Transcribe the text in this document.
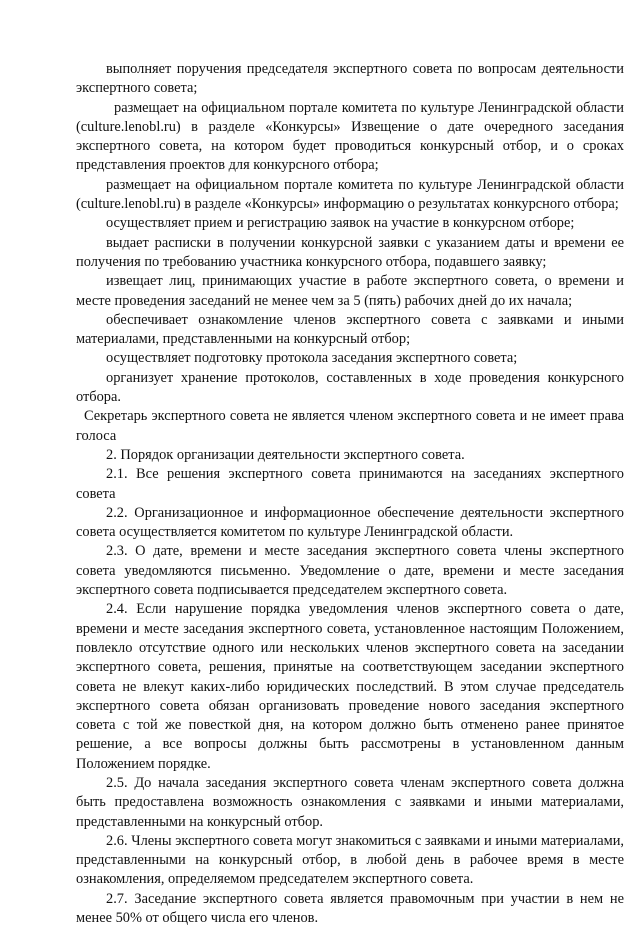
выполняет поручения председателя экспертного совета по вопросам деятельности экспертного совета;

размещает на официальном портале комитета по культуре Ленинградской области (culture.lenobl.ru) в разделе «Конкурсы» Извещение о дате очередного заседания экспертного совета, на котором будет проводиться конкурсный отбор, и о сроках представления проектов для конкурсного отбора;

размещает на официальном портале комитета по культуре Ленинградской области (culture.lenobl.ru) в разделе «Конкурсы» информацию о результатах конкурсного отбора;

осуществляет прием и регистрацию заявок на участие в конкурсном отборе;

выдает расписки в получении конкурсной заявки с указанием даты и времени ее получения по требованию участника конкурсного отбора, подавшего заявку;

извещает лиц, принимающих участие в работе экспертного совета, о времени и месте проведения заседаний не менее чем за 5 (пять) рабочих дней до их начала;

обеспечивает ознакомление членов экспертного совета с заявками и иными материалами, представленными на конкурсный отбор;

осуществляет подготовку протокола заседания экспертного совета;

организует хранение протоколов, составленных в ходе проведения конкурсного отбора.

Секретарь экспертного совета не является членом экспертного совета и не имеет права голоса

2. Порядок организации деятельности экспертного совета.

2.1. Все решения экспертного совета принимаются на заседаниях экспертного совета

2.2. Организационное и информационное обеспечение деятельности экспертного совета осуществляется комитетом по культуре Ленинградской области.

2.3. О дате, времени и месте заседания экспертного совета члены экспертного совета уведомляются письменно. Уведомление о дате, времени и месте заседания экспертного совета подписывается председателем экспертного совета.

2.4. Если нарушение порядка уведомления членов экспертного совета о дате, времени и месте заседания экспертного совета, установленное настоящим Положением, повлекло отсутствие одного или нескольких членов экспертного совета на заседании экспертного совета, решения, принятые на соответствующем заседании экспертного совета не влекут каких-либо юридических последствий. В этом случае председатель экспертного совета обязан организовать проведение нового заседания экспертного совета с той же повесткой дня, на котором должно быть отменено ранее принятое решение, а все вопросы должны быть рассмотрены в установленном данным Положением порядке.

2.5. До начала заседания экспертного совета членам экспертного совета должна быть предоставлена возможность ознакомления с заявками и иными материалами, представленными на конкурсный отбор.

2.6. Члены экспертного совета могут знакомиться с заявками и иными материалами, представленными на конкурсный отбор, в любой день в рабочее время в месте ознакомления, определяемом председателем экспертного совета.

2.7. Заседание экспертного совета является правомочным при участии в нем не менее 50% от общего числа его членов.
